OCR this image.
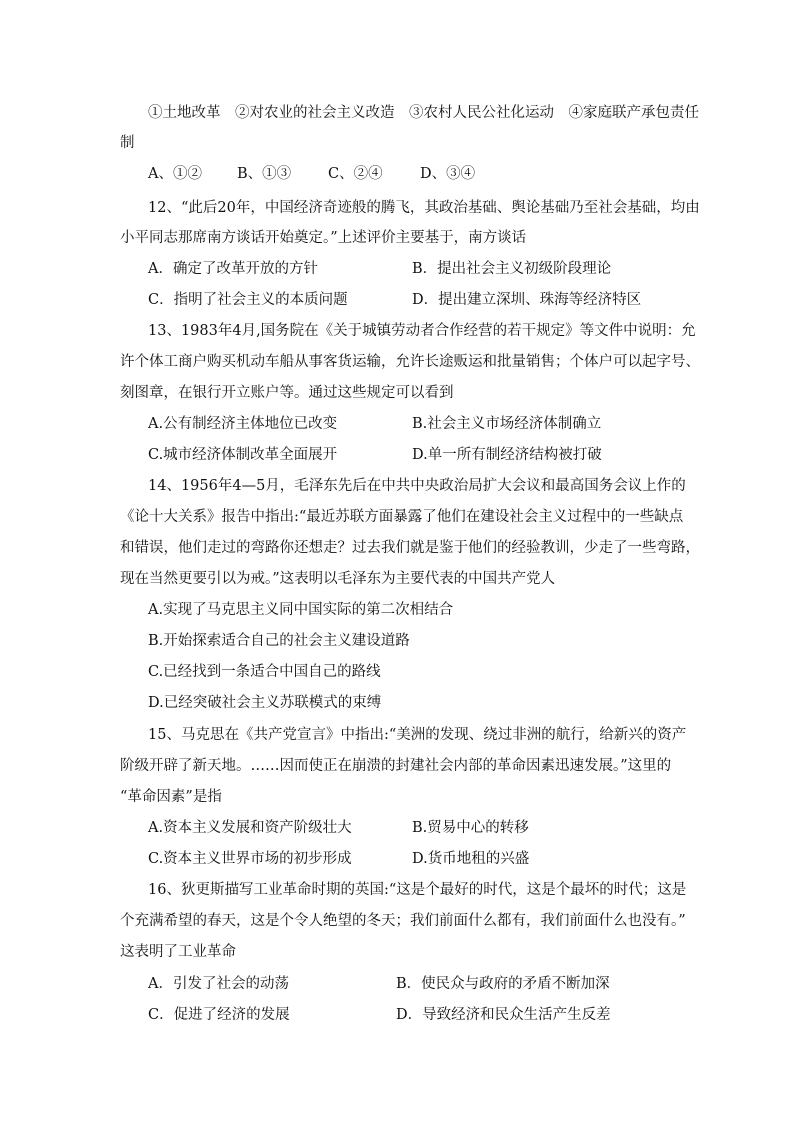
①土地改革　②对农业的社会主义改造　③农村人民公社化运动　④家庭联产承包责任
制
A、①② B、①③	C、②④	D、③④
12、“此后20年，中国经济奇迹般的腾飞，其政治基础、舆论基础乃至社会基础，均由
小平同志那席南方谈话开始奠定。”上述评价主要基于，南方谈话
A．确定了改革开放的方针	B．提出社会主义初级阶段理论
C．指明了社会主义的本质问题	D．提出建立深圳、珠海等经济特区
13、1983年4月,国务院在《关于城镇劳动者合作经营的若干规定》等文件中说明：允
许个体工商户购买机动车船从事客货运输，允许长途贩运和批量销售；个体户可以起字号、
刻图章，在银行开立账户等。通过这些规定可以看到
A.公有制经济主体地位已改变	B.社会主义市场经济体制确立
C.城市经济体制改革全面展开	D.单一所有制经济结构被打破
14、1956年4—5月，毛泽东先后在中共中央政治局扩大会议和最高国务会议上作的
《论十大关系》报告中指出:“最近苏联方面暴露了他们在建设社会主义过程中的一些缺点
和错误，他们走过的弯路你还想走？过去我们就是鉴于他们的经验教训，少走了一些弯路，
现在当然更要引以为戒。”这表明以毛泽东为主要代表的中国共产党人
A.实现了马克思主义同中国实际的第二次相结合
B.开始探索适合自己的社会主义建设道路
C.已经找到一条适合中国自己的路线
D.已经突破社会主义苏联模式的束缚
15、马克思在《共产党宣言》中指出:“美洲的发现、绕过非洲的航行，给新兴的资产
阶级开辟了新天地。……因而使正在崩溃的封建社会内部的革命因素迅速发展。”这里的
“革命因素”是指
A.资本主义发展和资产阶级壮大	B.贸易中心的转移
C.资本主义世界市场的初步形成	D.货币地租的兴盛
16、狄更斯描写工业革命时期的英国:“这是个最好的时代，这是个最坏的时代；这是
个充满希望的春天，这是个令人绝望的冬天；我们前面什么都有，我们前面什么也没有。”
这表明了工业革命
A．引发了社会的动荡	B．使民众与政府的矛盾不断加深
C．促进了经济的发展	D．导致经济和民众生活产生反差
